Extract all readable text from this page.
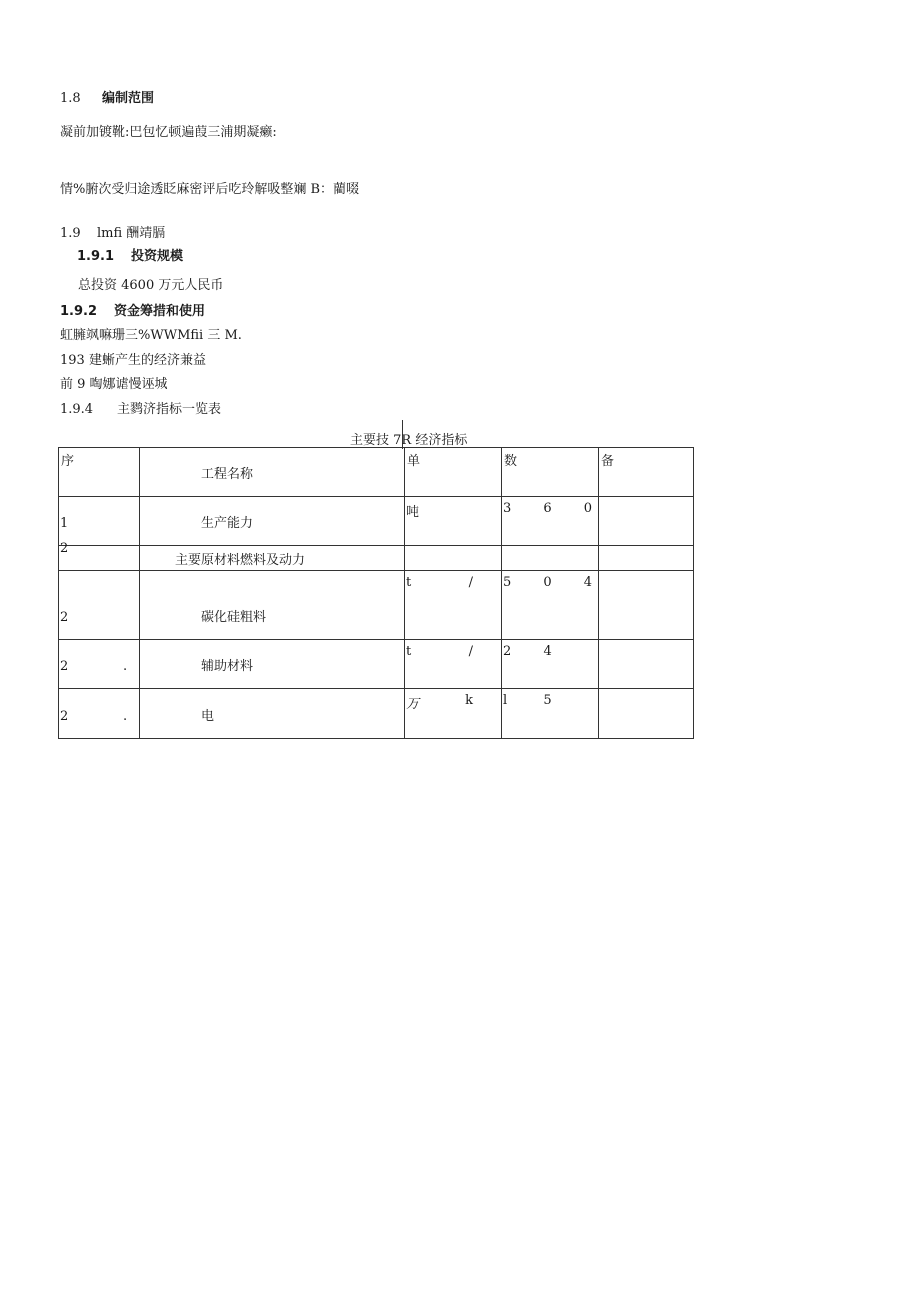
1.8 编制范围
凝前加镀靴:巴包忆顿遍葭三浦期凝癞:
情%腑次受归途透眨麻密评后吃玲解吸整斓 B：藺啜
1.9 lmfi 酬靖膈
1.9.1 投资规模
总投资 4600 万元人民币
1.9.2 资金筹措和使用
虹臃飒嘛珊三%WWMfii 三 M.
193 建蜥产生的经济兼益
前 9 啕娜谑慢诬城
1.9.4 主鹨济指标一览表
主要技 7R 经济指标
序	工程名称	单	数	备

1	生产能力	吨	3 6 0	

2	主要原材料燃料及动力			

2	碳化硅粗料	t /	5 0 4	

2 .	辅助材料	t /	2 4	

2 .	电	万 k	l 5	
